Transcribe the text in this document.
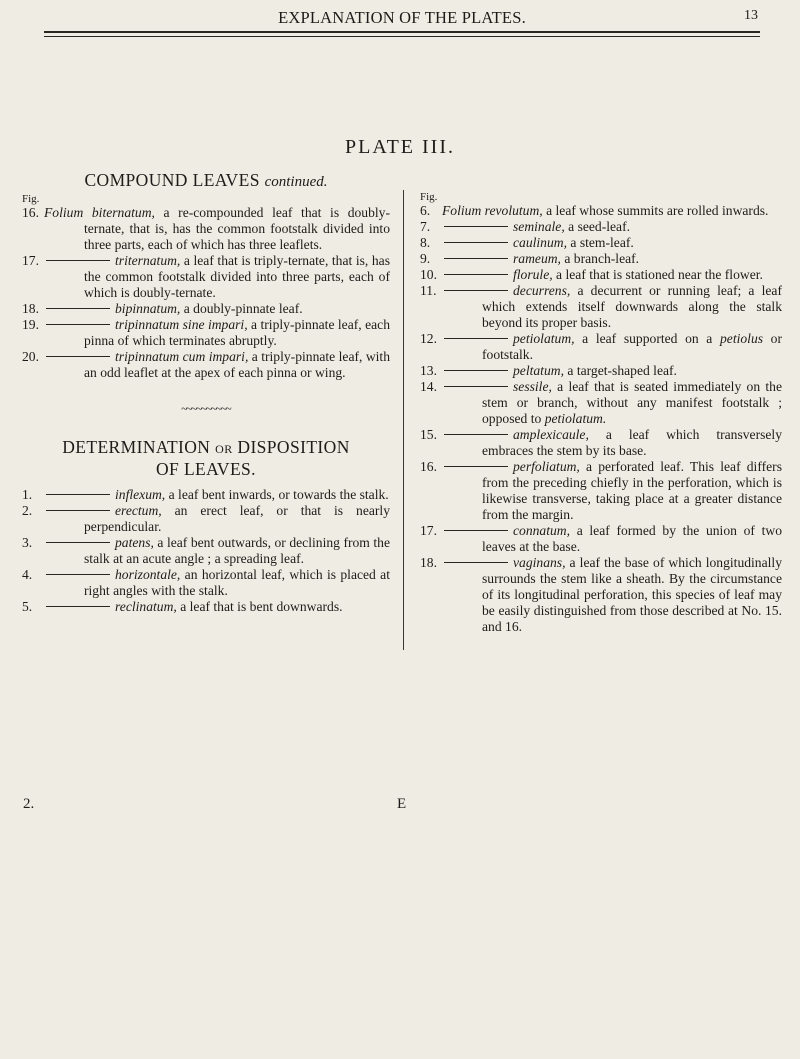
EXPLANATION OF THE PLATES.	13
PLATE III.
COMPOUND LEAVES continued.
Fig.
16. Folium biternatum, a re-compounded leaf that is doubly-ternate, that is, has the common footstalk divided into three parts, each of which has three leaflets.
17.	triternatum, a leaf that is triply-ternate, that is, has the common footstalk divided into three parts, each of which is doubly-ternate.
18.	bipinnatum, a doubly-pinnate leaf.
19.	tripinnatum sine impari, a triply-pinnate leaf, each pinna of which terminates abruptly.
20.	tripinnatum cum impari, a triply-pinnate leaf, with an odd leaflet at the apex of each pinna or wing.
~~~~~~~~~~
DETERMINATION OR DISPOSITION
OF LEAVES.
1.	inflexum, a leaf bent inwards, or towards the stalk.
2.	erectum, an erect leaf, or that is nearly perpendicular.
3.	patens, a leaf bent outwards, or declining from the stalk at an acute angle ; a spreading leaf.
4.	horizontale, an horizontal leaf, which is placed at right angles with the stalk.
5.	reclinatum, a leaf that is bent downwards.
Fig.
6. Folium revolutum, a leaf whose summits are rolled inwards.
7.	seminale, a seed-leaf.
8.	caulinum, a stem-leaf.
9.	rameum, a branch-leaf.
10.	florule, a leaf that is stationed near the flower.
11.	decurrens, a decurrent or running leaf; a leaf which extends itself downwards along the stalk beyond its proper basis.
12.	petiolatum, a leaf supported on a petiolus or footstalk.
13.	peltatum, a target-shaped leaf.
14.	sessile, a leaf that is seated immediately on the stem or branch, without any manifest footstalk ; opposed to petiolatum.
15.	amplexicaule, a leaf which transversely embraces the stem by its base.
16.	perfoliatum, a perforated leaf. This leaf differs from the preceding chiefly in the perforation, which is likewise transverse, taking place at a greater distance from the margin.
17.	connatum, a leaf formed by the union of two leaves at the base.
18.	vaginans, a leaf the base of which longitudinally surrounds the stem like a sheath. By the circumstance of its longitudinal perforation, this species of leaf may be easily distinguished from those described at No. 15. and 16.
2.	E
